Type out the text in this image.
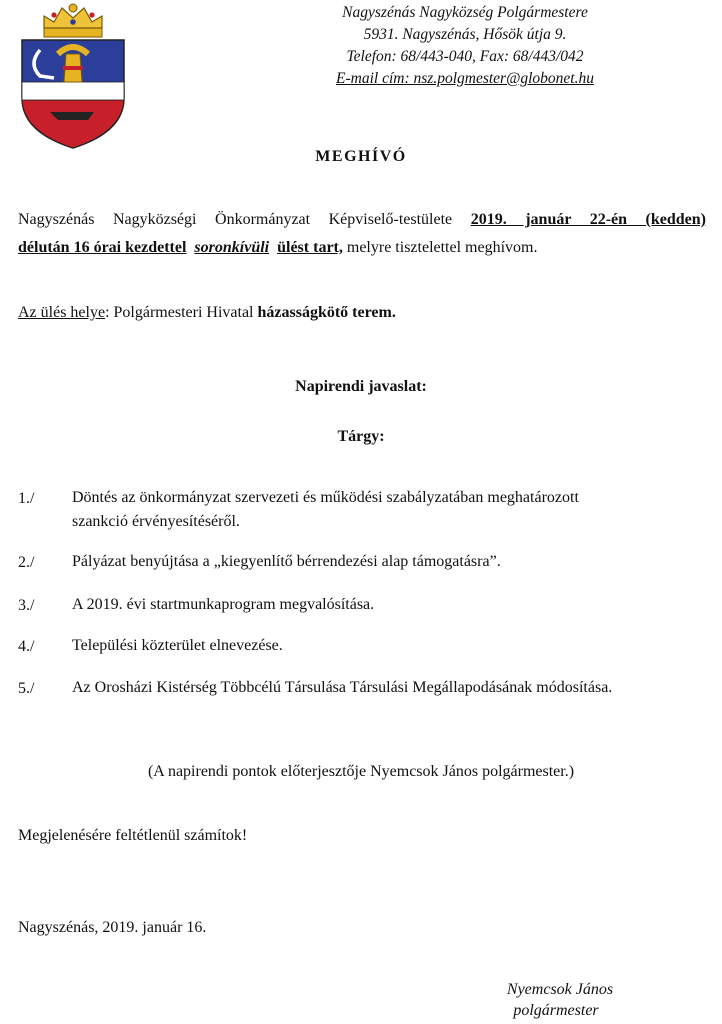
Nagyszénás Nagyközség Polgármestere
5931. Nagyszénás, Hősök útja 9.
Telefon: 68/443-040, Fax: 68/443/042
E-mail cím: nsz.polgmester@globonet.hu
MEGHÍVÓ
Nagyszénás Nagyközségi Önkormányzat Képviselő-testülete 2019. január 22-én (kedden)
délután 16 órai kezdettel soronkívüli ülést tart, melyre tisztelettel meghívom.
Az ülés helye: Polgármesteri Hivatal házasságkötő terem.
Napirendi javaslat:
Tárgy:
1./ Döntés az önkormányzat szervezeti és működési szabályzatában meghatározott
szankció érvényesítéséről.
2./ Pályázat benyújtása a „kiegyenlítő bérrendezési alap támogatásra”.
3./ A 2019. évi startmunkaprogram megvalósítása.
4./ Települési közterület elnevezése.
5./ Az Orosházi Kistérség Többcélú Társulása Társulási Megállapodásának módosítása.
(A napirendi pontok előterjesztője Nyemcsok János polgármester.)
Megjelenésére feltétlenül számítok!
Nagyszénás, 2019. január 16.
Nyemcsok János
polgármester
